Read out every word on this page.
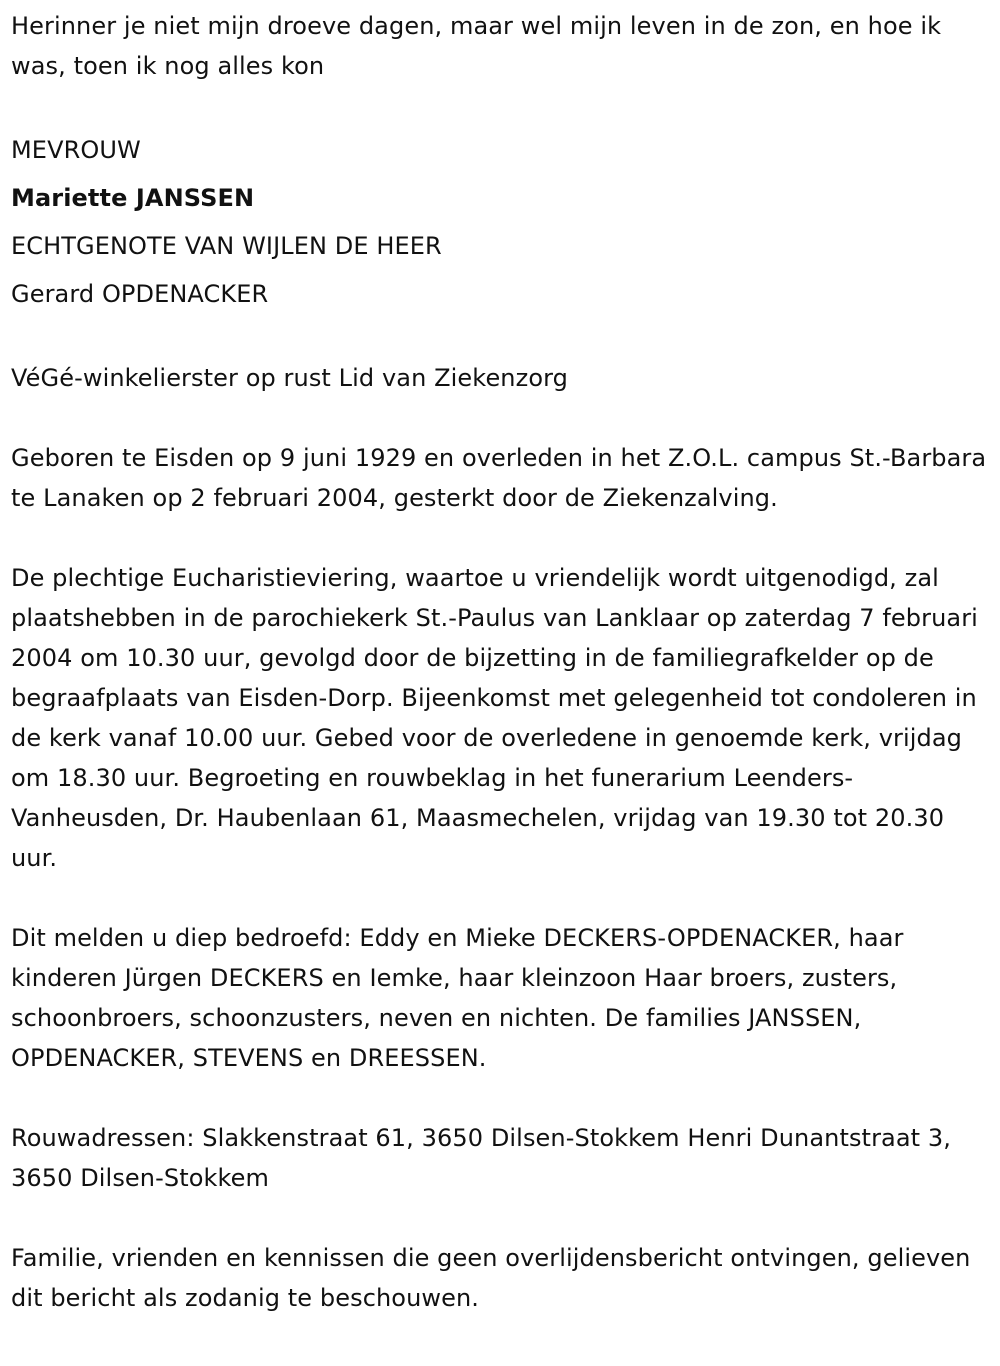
Herinner je niet mijn droeve dagen, maar wel mijn leven in de zon, en hoe ik was, toen ik nog alles kon

MEVROUW

Mariette JANSSEN

ECHTGENOTE VAN WIJLEN DE HEER

Gerard OPDENACKER

VéGé-winkelierster op rust Lid van Ziekenzorg

Geboren te Eisden op 9 juni 1929 en overleden in het Z.O.L. campus St.-Barbara te Lanaken op 2 februari 2004, gesterkt door de Ziekenzalving.

De plechtige Eucharistieviering, waartoe u vriendelijk wordt uitgenodigd, zal plaatshebben in de parochiekerk St.-Paulus van Lanklaar op zaterdag 7 februari 2004 om 10.30 uur, gevolgd door de bijzetting in de familiegrafkelder op de begraafplaats van Eisden-Dorp. Bijeenkomst met gelegenheid tot condoleren in de kerk vanaf 10.00 uur. Gebed voor de overledene in genoemde kerk, vrijdag om 18.30 uur. Begroeting en rouwbeklag in het funerarium Leenders-Vanheusden, Dr. Haubenlaan 61, Maasmechelen, vrijdag van 19.30 tot 20.30 uur.

Dit melden u diep bedroefd: Eddy en Mieke DECKERS-OPDENACKER, haar kinderen Jürgen DECKERS en Iemke, haar kleinzoon Haar broers, zusters, schoonbroers, schoonzusters, neven en nichten. De families JANSSEN, OPDENACKER, STEVENS en DREESSEN.

Rouwadressen: Slakkenstraat 61, 3650 Dilsen-Stokkem Henri Dunantstraat 3, 3650 Dilsen-Stokkem

Familie, vrienden en kennissen die geen overlijdensbericht ontvingen, gelieven dit bericht als zodanig te beschouwen.
